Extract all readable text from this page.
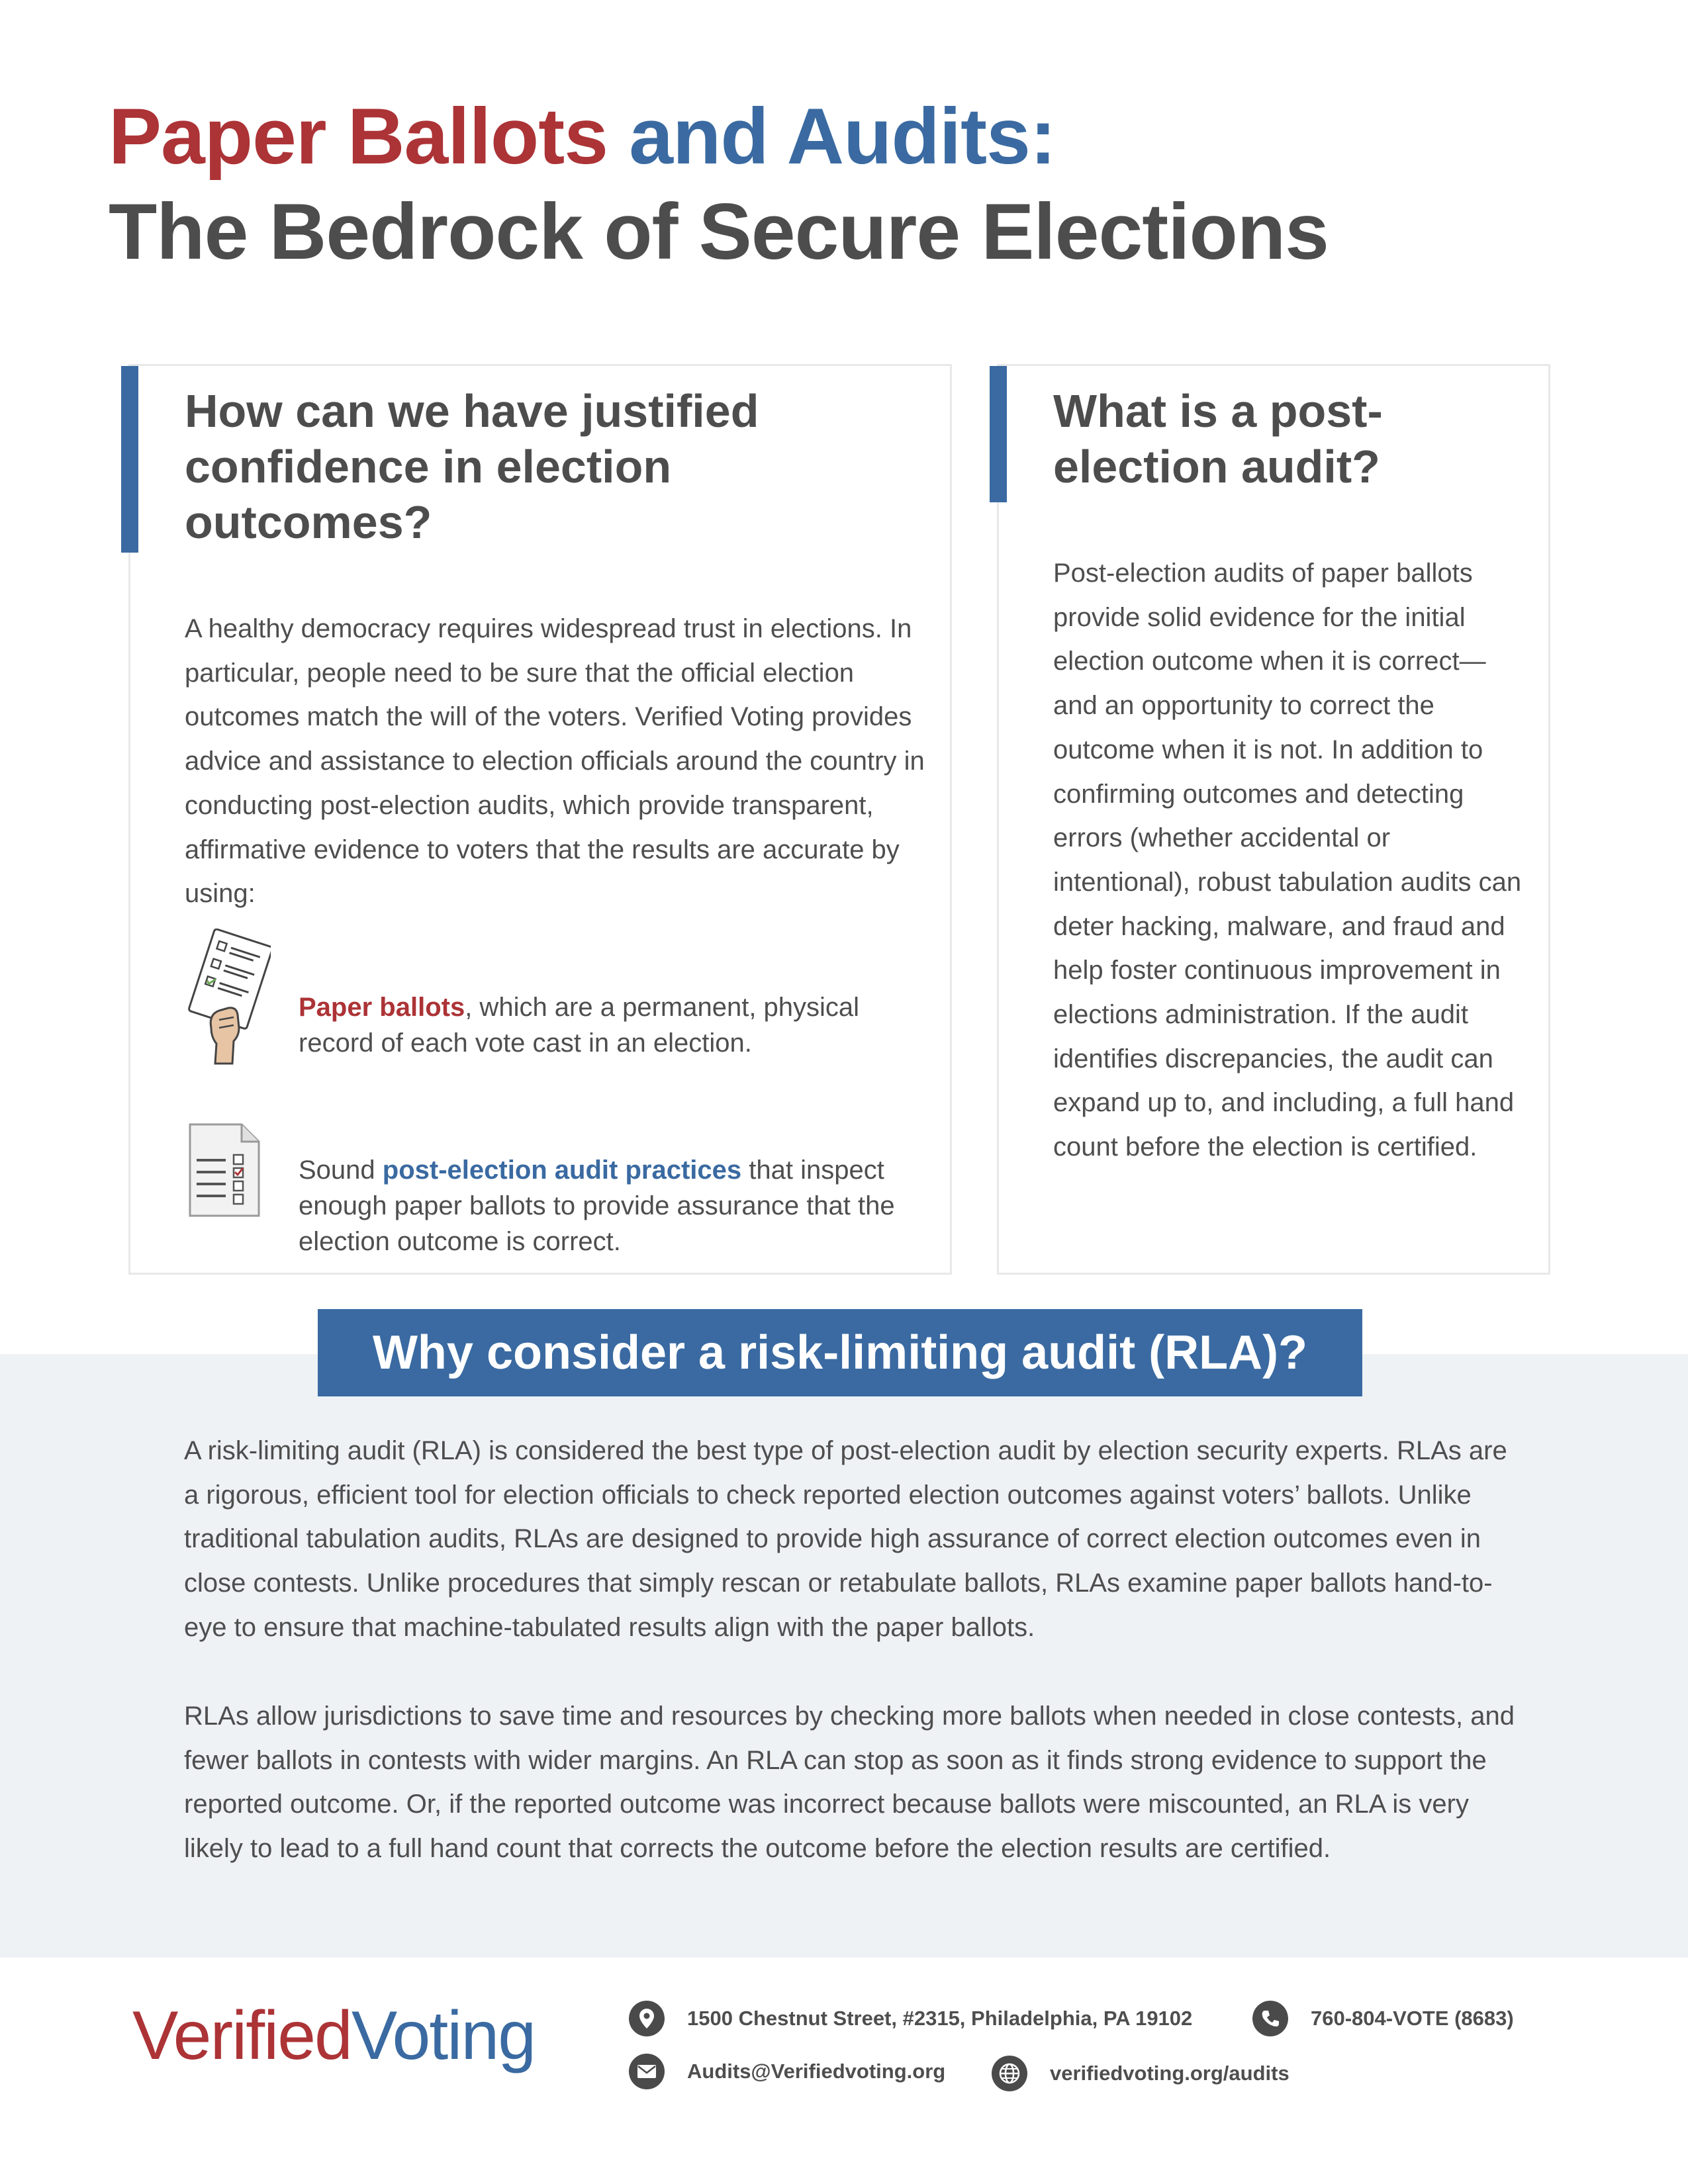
Paper Ballots and Audits:
The Bedrock of Secure Elections
How can we have justified confidence in election outcomes?

A healthy democracy requires widespread trust in elections. In particular, people need to be sure that the official election outcomes match the will of the voters. Verified Voting provides advice and assistance to election officials around the country in conducting post-election audits, which provide transparent, affirmative evidence to voters that the results are accurate by using:

Paper ballots, which are a permanent, physical record of each vote cast in an election.
Sound post-election audit practices that inspect enough paper ballots to provide assurance that the election outcome is correct.
What is a post-election audit?

Post-election audits of paper ballots provide solid evidence for the initial election outcome when it is correct—and an opportunity to correct the outcome when it is not. In addition to confirming outcomes and detecting errors (whether accidental or intentional), robust tabulation audits can deter hacking, malware, and fraud and help foster continuous improvement in elections administration. If the audit identifies discrepancies, the audit can expand up to, and including, a full hand count before the election is certified.

A risk-limiting audit (RLA) is considered the best type of post-election audit by election security experts. RLAs are a rigorous, efficient tool for election officials to check reported election outcomes against voters’ ballots. Unlike traditional tabulation audits, RLAs are designed to provide high assurance of correct election outcomes even in close contests. Unlike procedures that simply rescan or retabulate ballots, RLAs examine paper ballots hand-to-eye to ensure that machine-tabulated results align with the paper ballots.

RLAs allow jurisdictions to save time and resources by checking more ballots when needed in close contests, and fewer ballots in contests with wider margins. An RLA can stop as soon as it finds strong evidence to support the reported outcome. Or, if the reported outcome was incorrect because ballots were miscounted, an RLA is very likely to lead to a full hand count that corrects the outcome before the election results are certified.

Why consider a risk-limiting audit (RLA)?
VerifiedVoting	1500 Chestnut Street, #2315, Philadelphia, PA 19102	760-804-VOTE (8683)
Audits@Verifiedvoting.org	verifiedvoting.org/audits
